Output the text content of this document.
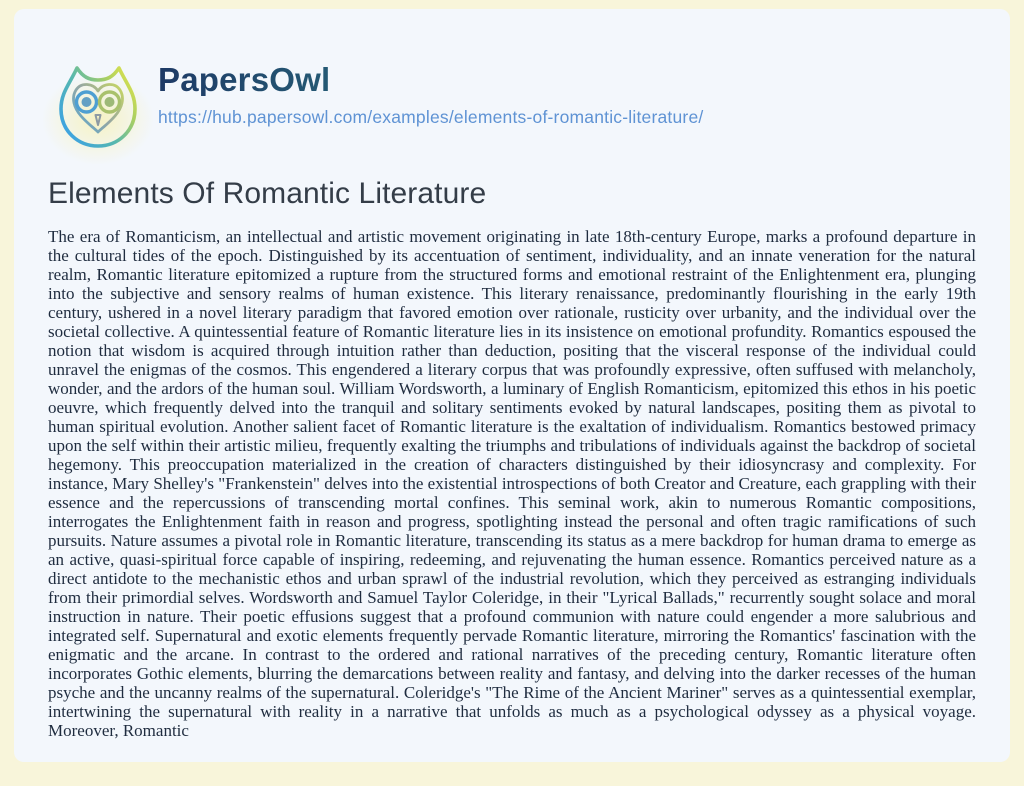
PapersOwl
https://hub.papersowl.com/examples/elements-of-romantic-literature/
Elements Of Romantic Literature

The era of Romanticism, an intellectual and artistic movement originating in late 18th-century Europe, marks a profound departure in the cultural tides of the epoch. Distinguished by its accentuation of sentiment, individuality, and an innate veneration for the natural realm, Romantic literature epitomized a rupture from the structured forms and emotional restraint of the Enlightenment era, plunging into the subjective and sensory realms of human existence. This literary renaissance, predominantly flourishing in the early 19th century, ushered in a novel literary paradigm that favored emotion over rationale, rusticity over urbanity, and the individual over the societal collective. A quintessential feature of Romantic literature lies in its insistence on emotional profundity. Romantics espoused the notion that wisdom is acquired through intuition rather than deduction, positing that the visceral response of the individual could unravel the enigmas of the cosmos. This engendered a literary corpus that was profoundly expressive, often suffused with melancholy, wonder, and the ardors of the human soul. William Wordsworth, a luminary of English Romanticism, epitomized this ethos in his poetic oeuvre, which frequently delved into the tranquil and solitary sentiments evoked by natural landscapes, positing them as pivotal to human spiritual evolution. Another salient facet of Romantic literature is the exaltation of individualism. Romantics bestowed primacy upon the self within their artistic milieu, frequently exalting the triumphs and tribulations of individuals against the backdrop of societal hegemony. This preoccupation materialized in the creation of characters distinguished by their idiosyncrasy and complexity. For instance, Mary Shelley's "Frankenstein" delves into the existential introspections of both Creator and Creature, each grappling with their essence and the repercussions of transcending mortal confines. This seminal work, akin to numerous Romantic compositions, interrogates the Enlightenment faith in reason and progress, spotlighting instead the personal and often tragic ramifications of such pursuits. Nature assumes a pivotal role in Romantic literature, transcending its status as a mere backdrop for human drama to emerge as an active, quasi-spiritual force capable of inspiring, redeeming, and rejuvenating the human essence. Romantics perceived nature as a direct antidote to the mechanistic ethos and urban sprawl of the industrial revolution, which they perceived as estranging individuals from their primordial selves. Wordsworth and Samuel Taylor Coleridge, in their "Lyrical Ballads," recurrently sought solace and moral instruction in nature. Their poetic effusions suggest that a profound communion with nature could engender a more salubrious and integrated self. Supernatural and exotic elements frequently pervade Romantic literature, mirroring the Romantics' fascination with the enigmatic and the arcane. In contrast to the ordered and rational narratives of the preceding century, Romantic literature often incorporates Gothic elements, blurring the demarcations between reality and fantasy, and delving into the darker recesses of the human psyche and the uncanny realms of the supernatural. Coleridge's "The Rime of the Ancient Mariner" serves as a quintessential exemplar, intertwining the supernatural with reality in a narrative that unfolds as much as a psychological odyssey as a physical voyage. Moreover, Romantic
